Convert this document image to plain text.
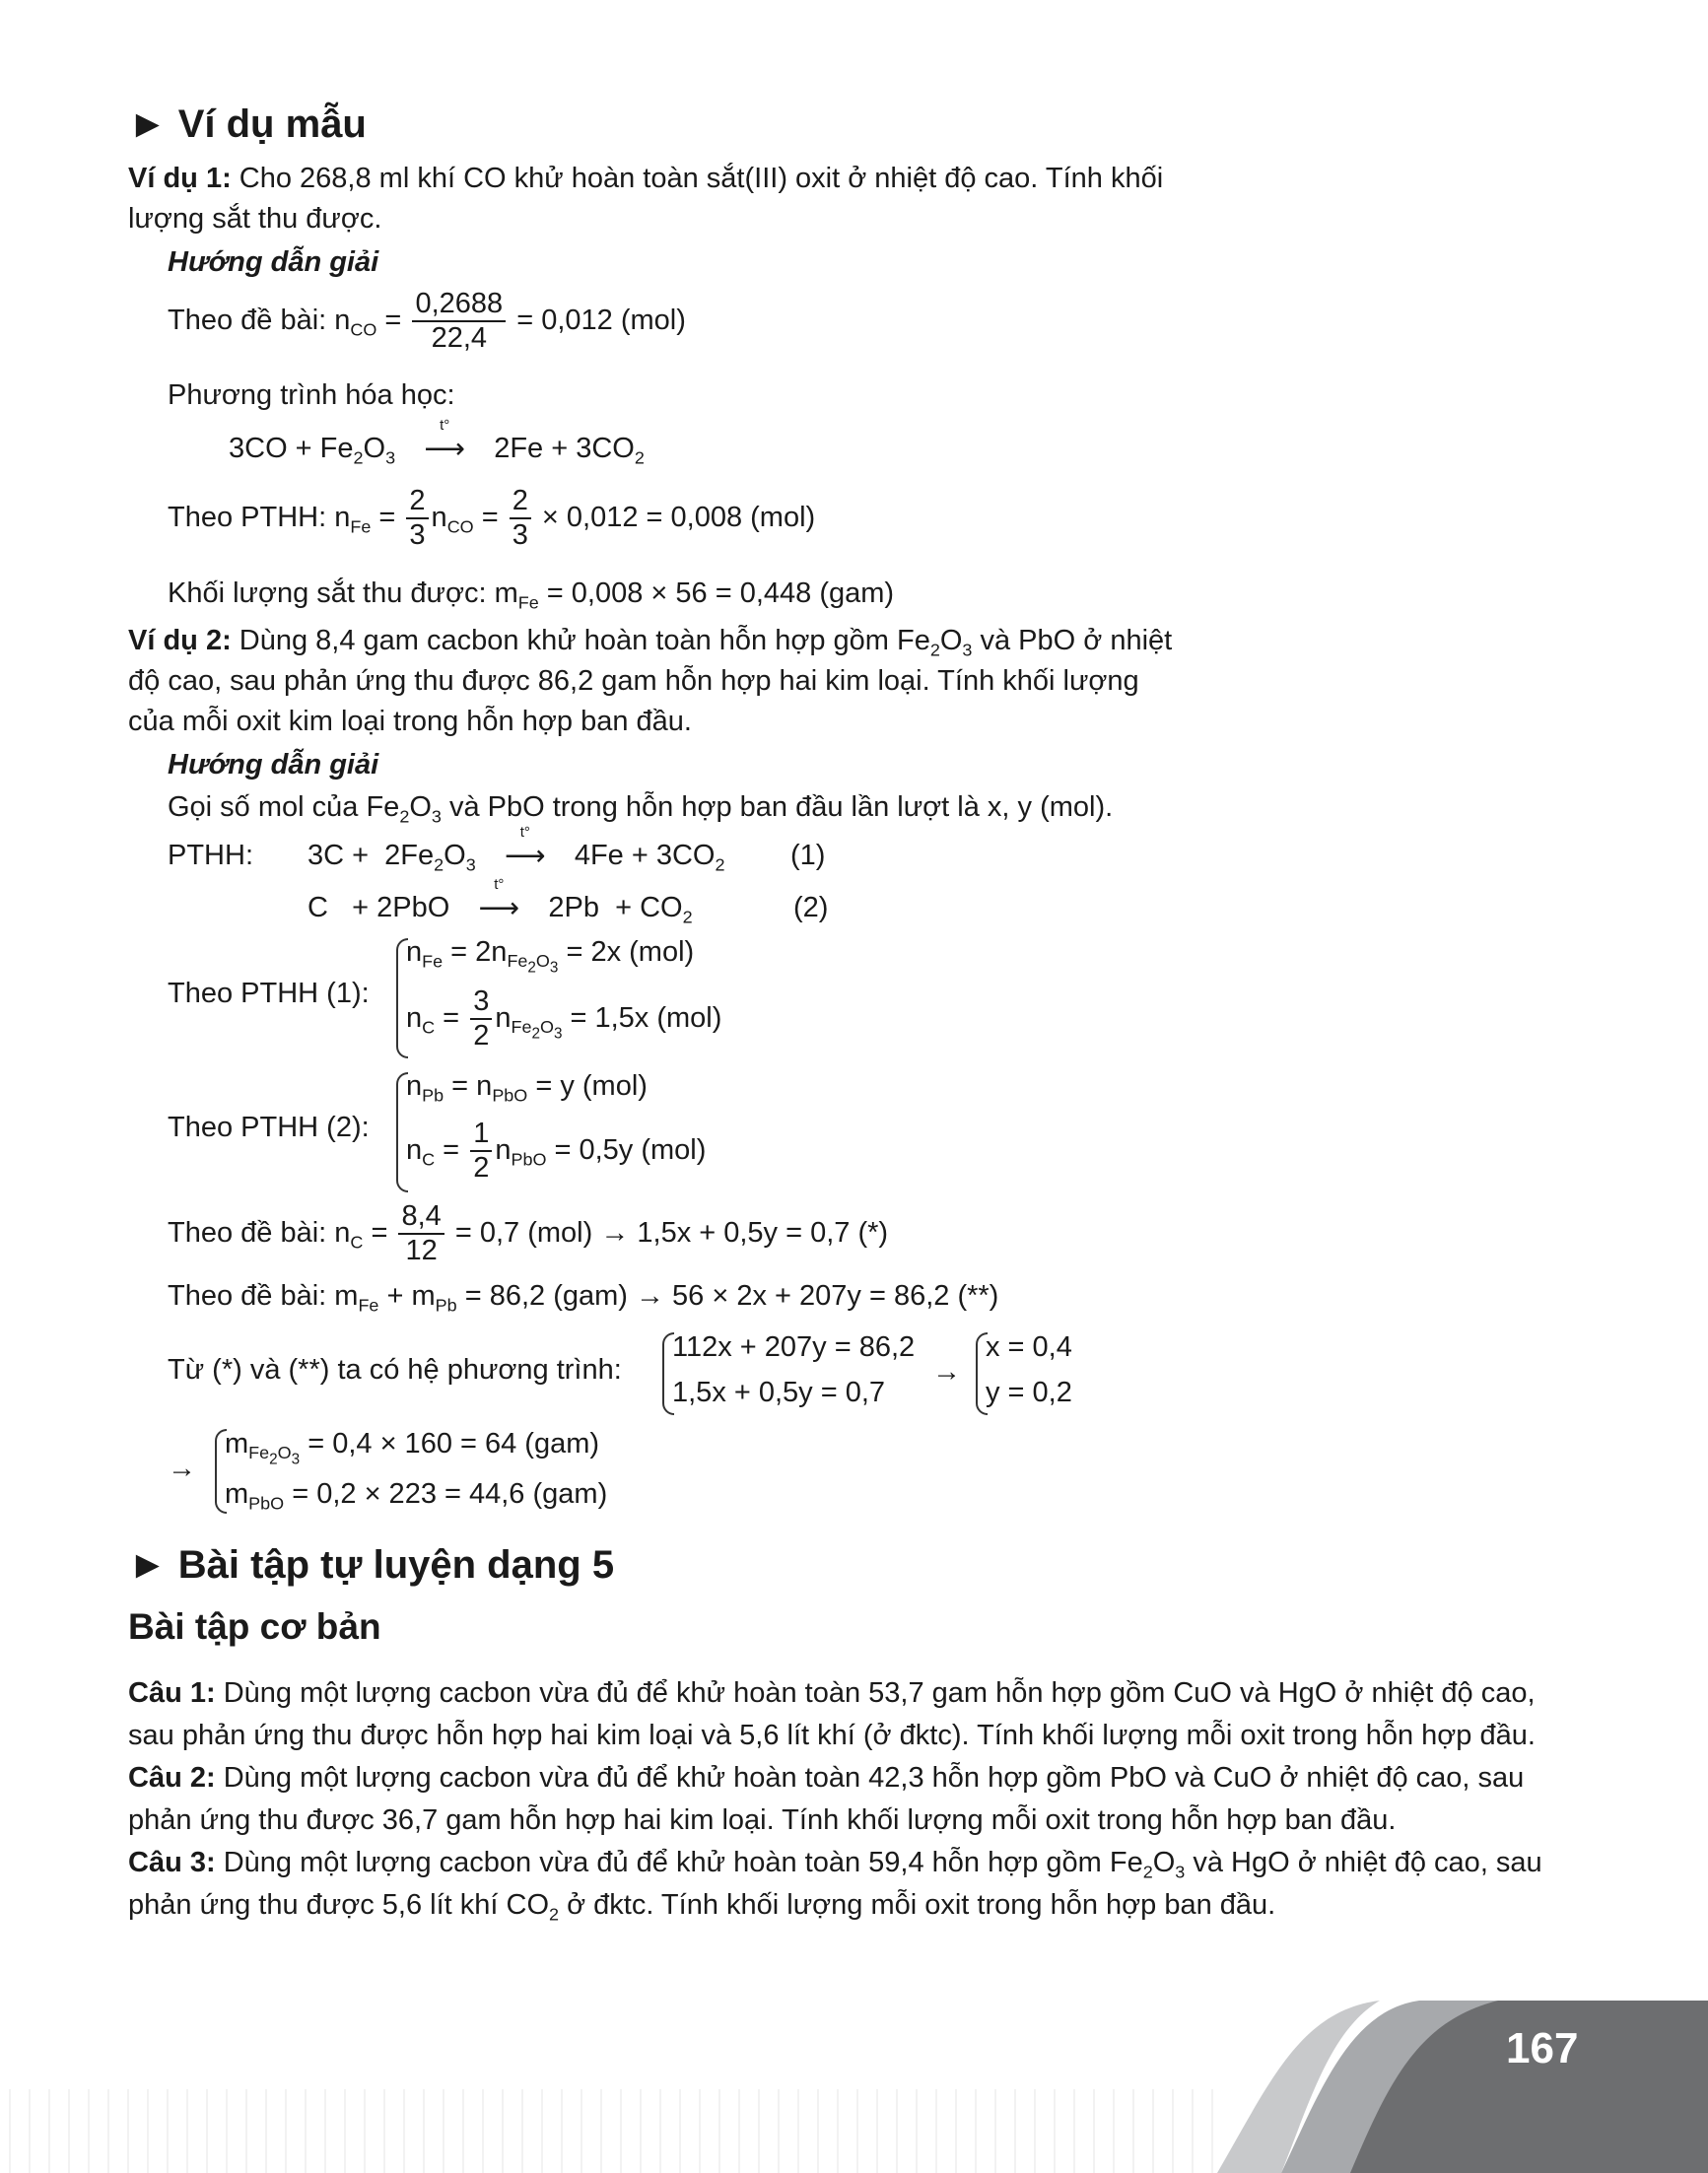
► Ví dụ mẫu
Ví dụ 1: Cho 268,8 ml khí CO khử hoàn toàn sắt(III) oxit ở nhiệt độ cao. Tính khối
lượng sắt thu được.
Hướng dẫn giải
Theo đề bài: $n_{CO} = \frac{0,2688}{22,4} = 0,012$ (mol)
Phương trình hóa học:
$3CO + Fe_2O_3$
t°
⟶ $2Fe + 3CO_2$
Theo PTHH: $n_{Fe} = \frac{2}{3} n_{CO} = \frac{2}{3} \times 0,012 = 0,008$ (mol)
Khối lượng sắt thu được: $m_{Fe} = 0,008 \times 56 = 0,448$ (gam)
Ví dụ 2: Dùng 8,4 gam cacbon khử hoàn toàn hỗn hợp gồm $Fe_2O_3$ và PbO ở nhiệt
độ cao, sau phản ứng thu được 86,2 gam hỗn hợp hai kim loại. Tính khối lượng
của mỗi oxit kim loại trong hỗn hợp ban đầu.
Hướng dẫn giải
Gọi số mol của $Fe_2O_3$ và PbO trong hỗn hợp ban đầu lần lượt là x, y (mol).
PTHH: $3C + 2Fe_2O_3$
t°
⟶ $4Fe + 3CO_2$ (1)
C   + 2PbO
t°
⟶ $2Pb + CO_2$	(2)
Theo PTHH (1):
$n_{Fe} = 2n_{Fe_2O_3} = 2x$ (mol)
$n_C = \frac{3}{2} n_{Fe_2O_3} = 1,5x$ (mol)
Theo PTHH (2):
$n_{Pb} = n_{PbO} = y$ (mol)
$n_C = \frac{1}{2} n_{PbO} = 0,5y$ (mol)
Theo đề bài: $n_C = \frac{8,4}{12} = 0,7$ (mol) → 1,5x + 0,5y = 0,7 (*)
Theo đề bài: $m_{Fe} + m_{Pb} = 86,2$ (gam) → 56 × 2x + 207y = 86,2 (**)
Từ (*) và (**) ta có hệ phương trình:
112x + 207y = 86,2
1,5x + 0,5y = 0,7
→
x = 0,4
y = 0,2
→
$m_{Fe_2O_3} = 0,4 \times 160 = 64$ (gam)
$m_{PbO} = 0,2 \times 223 = 44,6$ (gam)
► Bài tập tự luyện dạng 5
Bài tập cơ bản
Câu 1: Dùng một lượng cacbon vừa đủ để khử hoàn toàn 53,7 gam hỗn hợp gồm CuO và HgO ở nhiệt độ cao, sau phản ứng thu được hỗn hợp hai kim loại và 5,6 lít khí (ở đktc). Tính khối lượng mỗi oxit trong hỗn hợp đầu.
Câu 2: Dùng một lượng cacbon vừa đủ để khử hoàn toàn 42,3 hỗn hợp gồm PbO và CuO ở nhiệt độ cao, sau phản ứng thu được 36,7 gam hỗn hợp hai kim loại. Tính khối lượng mỗi oxit trong hỗn hợp ban đầu.
Câu 3: Dùng một lượng cacbon vừa đủ để khử hoàn toàn 59,4 hỗn hợp gồm $Fe_2O_3$ và HgO ở nhiệt độ cao, sau phản ứng thu được 5,6 lít khí $CO_2$ ở đktc. Tính khối lượng mỗi oxit trong hỗn hợp ban đầu.
167
